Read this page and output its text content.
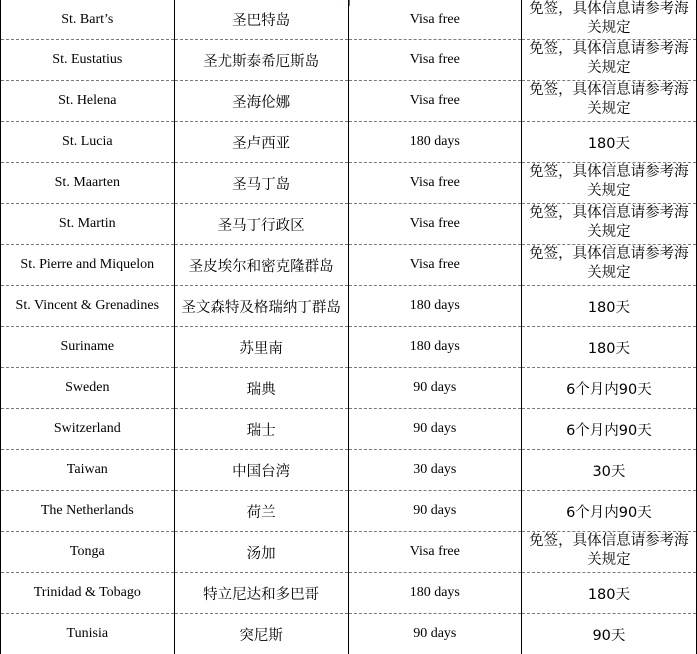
St. Bart’s	圣巴特岛	Visa free	免签，具体信息请参考海关规定
St. Eustatius	圣尤斯泰希厄斯岛	Visa free	免签，具体信息请参考海关规定
St. Helena	圣海伦娜	Visa free	免签，具体信息请参考海关规定
St. Lucia	圣卢西亚	180 days	180天
St. Maarten	圣马丁岛	Visa free	免签，具体信息请参考海关规定
St. Martin	圣马丁行政区	Visa free	免签，具体信息请参考海关规定
St. Pierre and Miquelon	圣皮埃尔和密克隆群岛	Visa free	免签，具体信息请参考海关规定
St. Vincent & Grenadines	圣文森特及格瑞纳丁群岛	180 days	180天
Suriname	苏里南	180 days	180天
Sweden	瑞典	90 days	6个月内90天
Switzerland	瑞士	90 days	6个月内90天
Taiwan	中国台湾	30 days	30天
The Netherlands	荷兰	90 days	6个月内90天
Tonga	汤加	Visa free	免签，具体信息请参考海关规定
Trinidad & Tobago	特立尼达和多巴哥	180 days	180天
Tunisia	突尼斯	90 days	90天
